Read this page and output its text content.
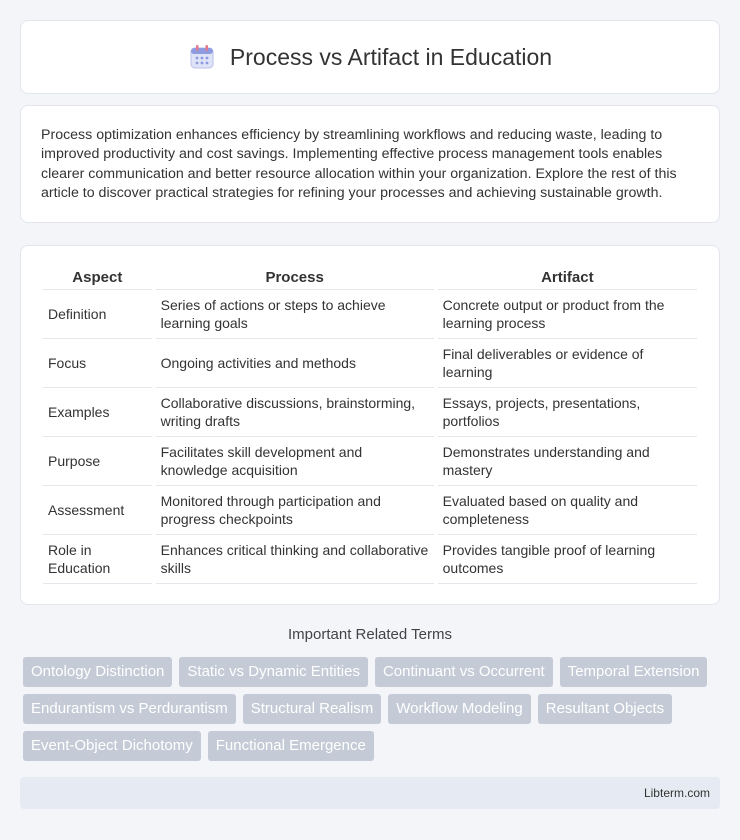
Process vs Artifact in Education

Process optimization enhances efficiency by streamlining workflows and reducing waste, leading to improved productivity and cost savings. Implementing effective process management tools enables clearer communication and better resource allocation within your organization. Explore the rest of this article to discover practical strategies for refining your processes and achieving sustainable growth.

Aspect	Process	Artifact
Definition	Series of actions or steps to achieve learning goals	Concrete output or product from the learning process
Focus	Ongoing activities and methods	Final deliverables or evidence of learning
Examples	Collaborative discussions, brainstorming, writing drafts	Essays, projects, presentations, portfolios
Purpose	Facilitates skill development and knowledge acquisition	Demonstrates understanding and mastery
Assessment	Monitored through participation and progress checkpoints	Evaluated based on quality and completeness
Role in Education	Enhances critical thinking and collaborative skills	Provides tangible proof of learning outcomes
Important Related Terms
Ontology Distinction	Static vs Dynamic Entities	Continuant vs Occurrent	Temporal Extension
Endurantism vs Perdurantism	Structural Realism	Workflow Modeling	Resultant Objects
Event-Object Dichotomy	Functional Emergence
Libterm.com
